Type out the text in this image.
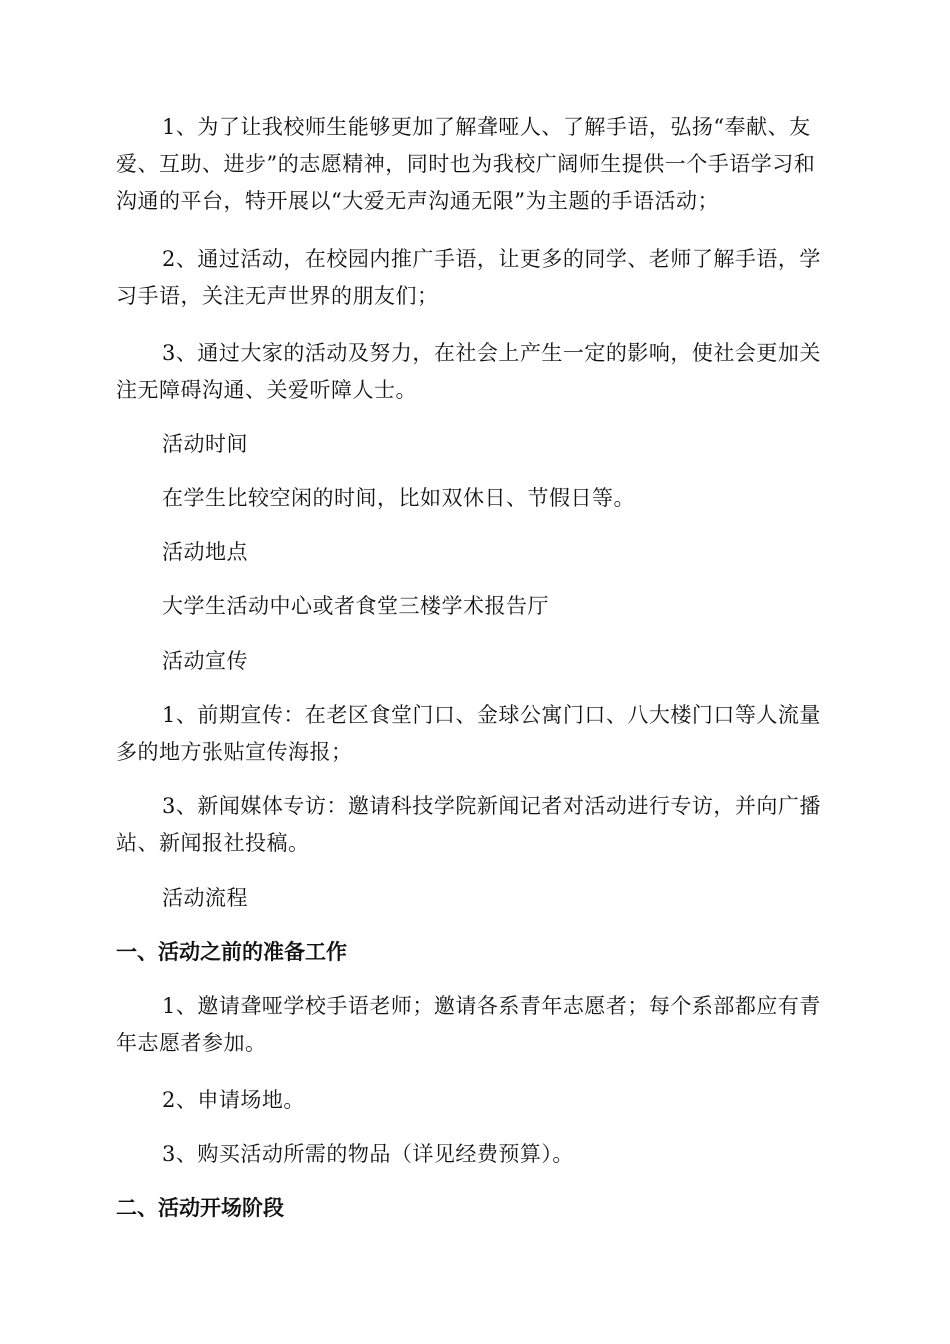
1、为了让我校师生能够更加了解聋哑人、了解手语，弘扬“奉献、友爱、互助、进步”的志愿精神，同时也为我校广阔师生提供一个手语学习和沟通的平台，特开展以“大爱无声沟通无限”为主题的手语活动；

2、通过活动，在校园内推广手语，让更多的同学、老师了解手语，学习手语，关注无声世界的朋友们；

3、通过大家的活动及努力，在社会上产生一定的影响，使社会更加关注无障碍沟通、关爱听障人士。

活动时间

在学生比较空闲的时间，比如双休日、节假日等。

活动地点

大学生活动中心或者食堂三楼学术报告厅

活动宣传

1、前期宣传：在老区食堂门口、金球公寓门口、八大楼门口等人流量多的地方张贴宣传海报；

3、新闻媒体专访：邀请科技学院新闻记者对活动进行专访，并向广播站、新闻报社投稿。

活动流程

一、活动之前的准备工作

1、邀请聋哑学校手语老师；邀请各系青年志愿者；每个系部都应有青年志愿者参加。

2、申请场地。

3、购买活动所需的物品（详见经费预算）。

二、活动开场阶段
